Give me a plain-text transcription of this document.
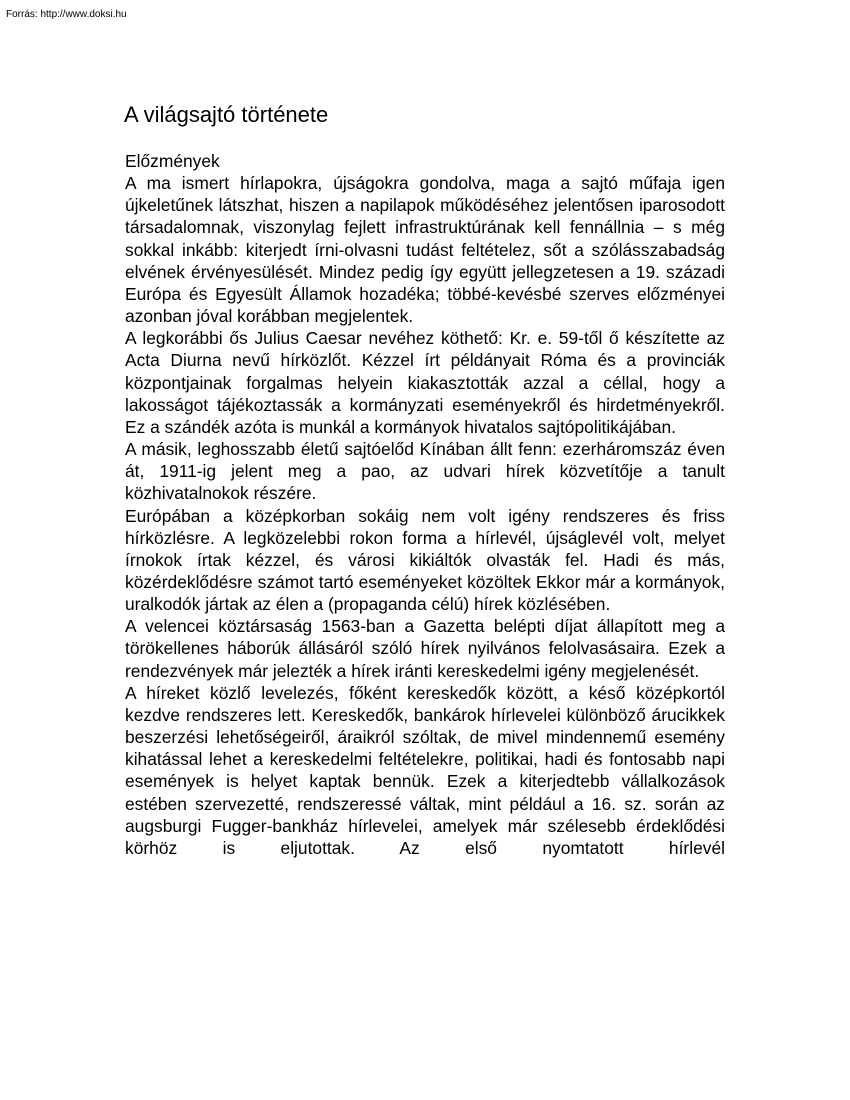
Forrás: http://www.doksi.hu
A világsajtó története
Előzmények

A ma ismert hírlapokra, újságokra gondolva, maga a sajtó műfaja igen újkeletűnek látszhat, hiszen a napilapok működéséhez jelentősen iparosodott társadalomnak, viszonylag fejlett infrastruktúrának kell fennállnia – s még sokkal inkább: kiterjedt írni-olvasni tudást feltételez, sőt a szólásszabadság elvének érvényesülését. Mindez pedig így együtt jellegzetesen a 19. századi Európa és Egyesült Államok hozadéka; többé-kevésbé szerves előzményei azonban jóval korábban megjelentek.

A legkorábbi ős Julius Caesar nevéhez köthető: Kr. e. 59-től ő készítette az Acta Diurna nevű hírközlőt. Kézzel írt példányait Róma és a provinciák központjainak forgalmas helyein kiakasztották azzal a céllal, hogy a lakosságot tájékoztassák a kormányzati eseményekről és hirdetményekről. Ez a szándék azóta is munkál a kormányok hivatalos sajtópolitikájában.

A másik, leghosszabb életű sajtóelőd Kínában állt fenn: ezerháromszáz éven át, 1911-ig jelent meg a pao, az udvari hírek közvetítője a tanult közhivatalnokok részére.

Európában a középkorban sokáig nem volt igény rendszeres és friss hírközlésre. A legközelebbi rokon forma a hírlevél, újságlevél volt, melyet írnokok írtak kézzel, és városi kikiáltók olvasták fel. Hadi és más, közérdeklődésre számot tartó eseményeket közöltek Ekkor már a kormányok, uralkodók jártak az élen a (propaganda célú) hírek közlésében.

A velencei köztársaság 1563-ban a Gazetta belépti díjat állapított meg a törökellenes háborúk állásáról szóló hírek nyilvános felolvasásaira. Ezek a rendezvények már jelezték a hírek iránti kereskedelmi igény megjelenését.

A híreket közlő levelezés, főként kereskedők között, a késő középkortól kezdve rendszeres lett. Kereskedők, bankárok hírlevelei különböző árucikkek beszerzési lehetőségeiről, áraikról szóltak, de mivel mindennemű esemény kihatással lehet a kereskedelmi feltételekre, politikai, hadi és fontosabb napi események is helyet kaptak bennük. Ezek a kiterjedtebb vállalkozások estében szervezetté, rendszeressé váltak, mint például a 16. sz. során az augsburgi Fugger-bankház hírlevelei, amelyek már szélesebb érdeklődési körhöz is eljutottak. Az első nyomtatott hírlevél
